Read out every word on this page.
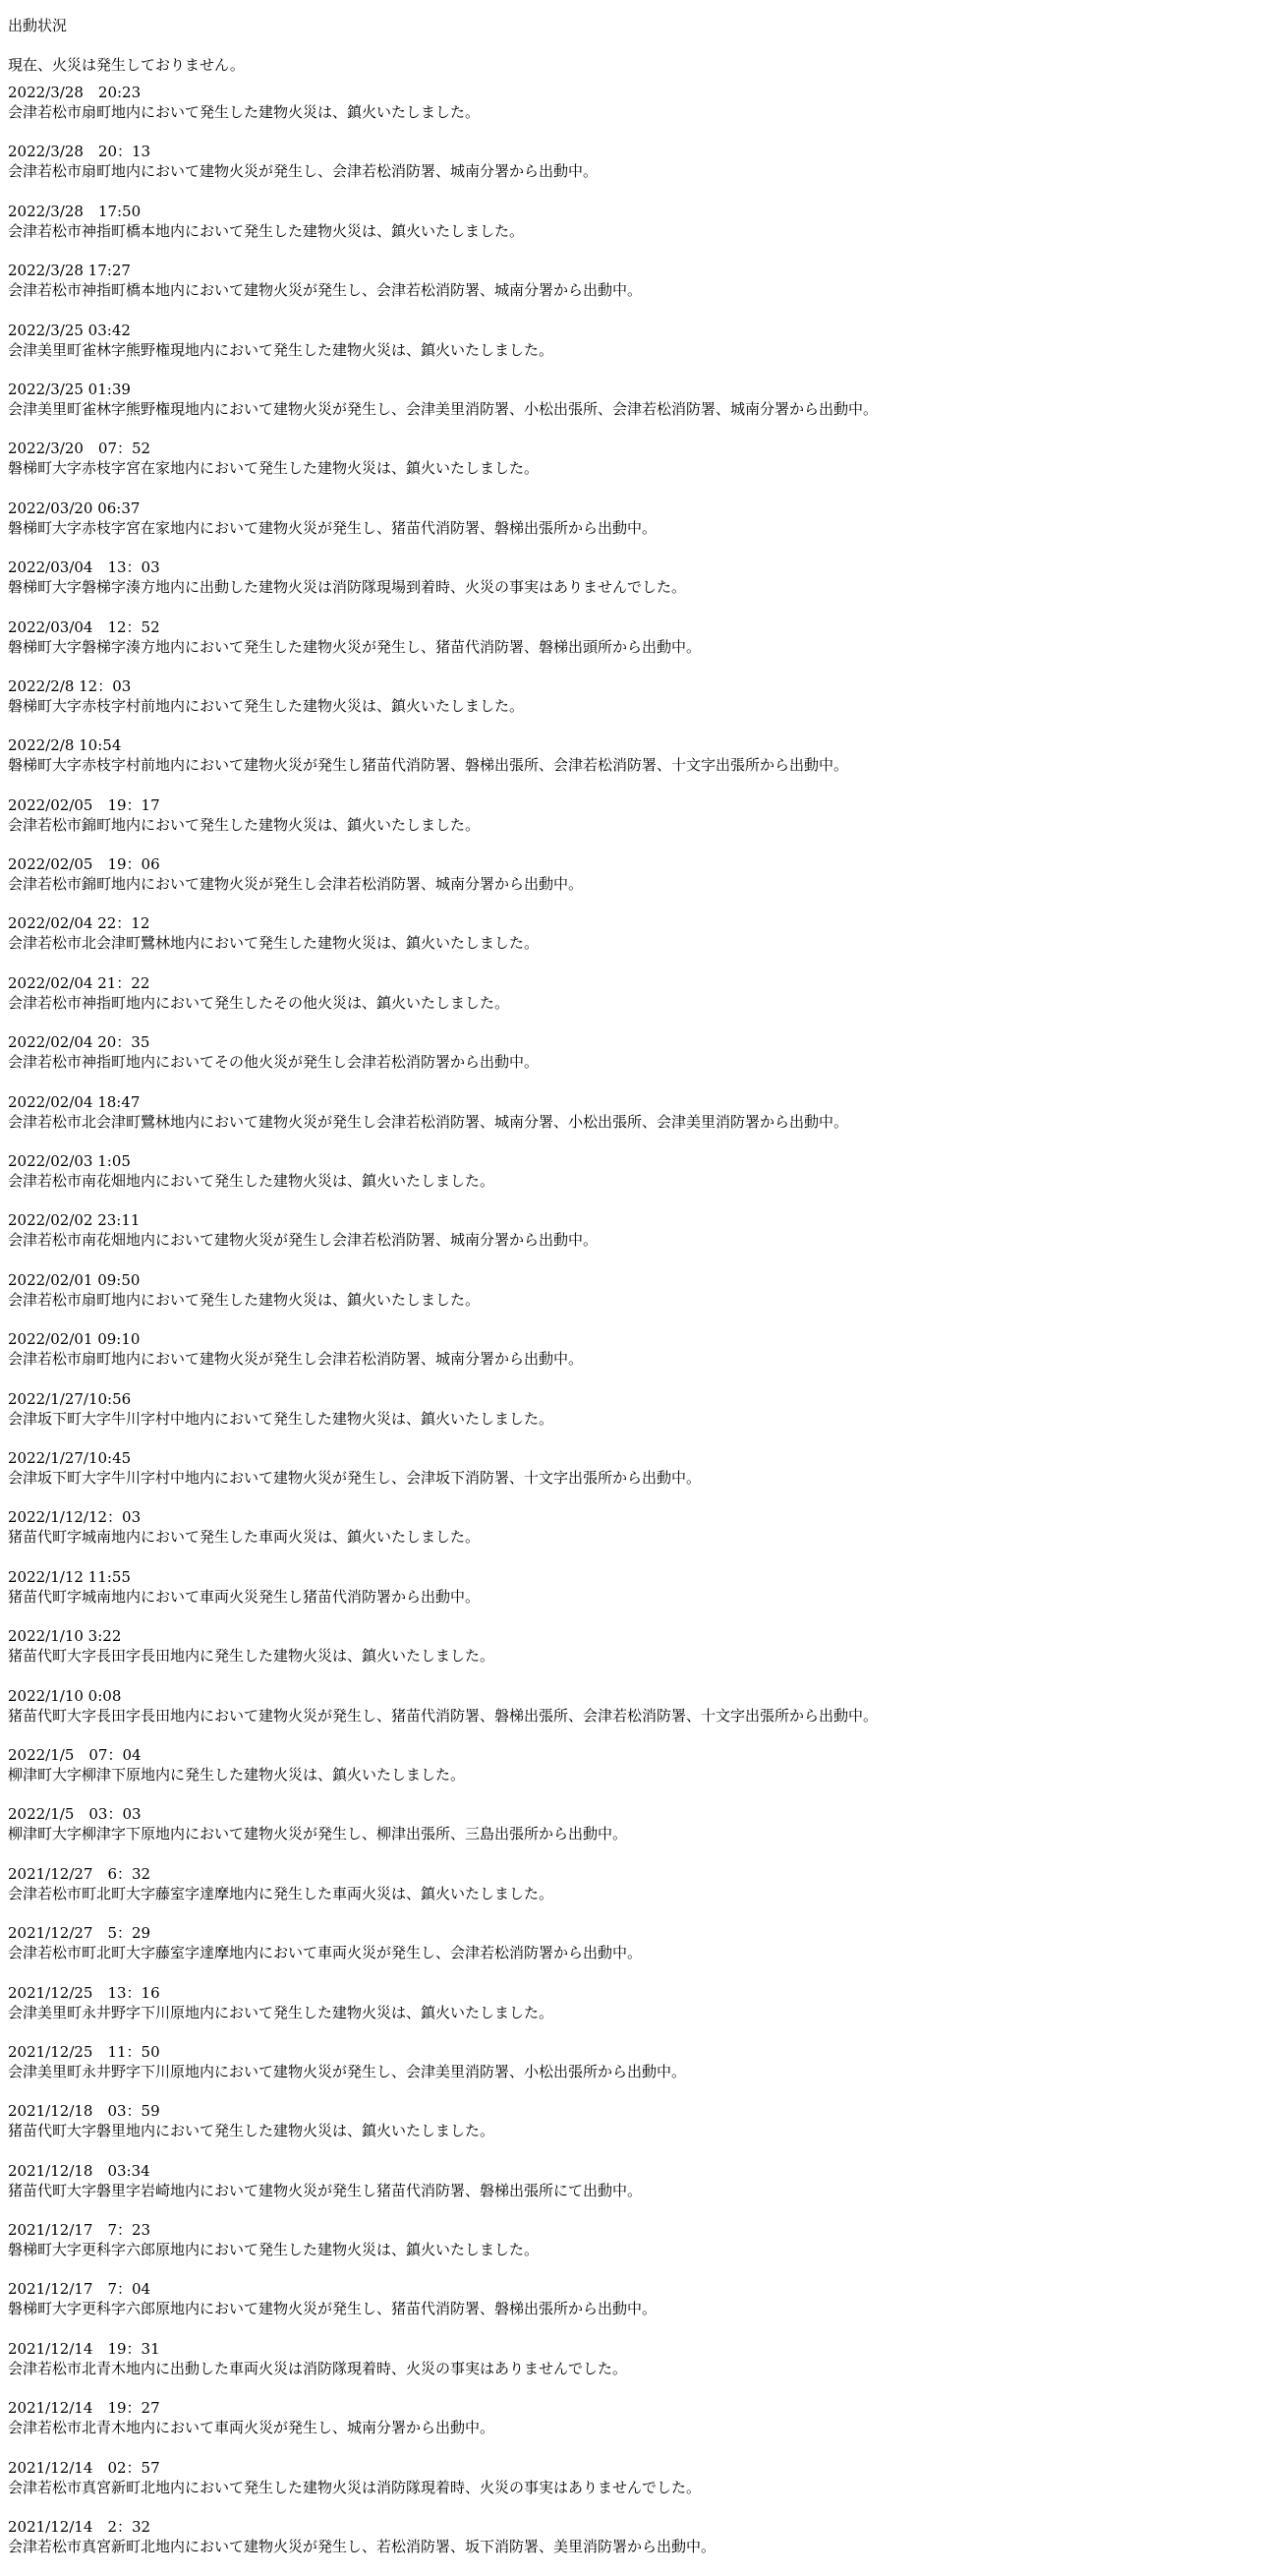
出動状況

現在、火災は発生しておりません。

2022/3/28　20:23
会津若松市扇町地内において発生した建物火災は、鎮火いたしました。
2022/3/28　20：13
会津若松市扇町地内において建物火災が発生し、会津若松消防署、城南分署から出動中。
2022/3/28　17:50
会津若松市神指町橋本地内において発生した建物火災は、鎮火いたしました。
2022/3/28 17:27
会津若松市神指町橋本地内において建物火災が発生し、会津若松消防署、城南分署から出動中。
2022/3/25 03:42
会津美里町雀林字熊野権現地内において発生した建物火災は、鎮火いたしました。
2022/3/25 01:39
会津美里町雀林字熊野権現地内において建物火災が発生し、会津美里消防署、小松出張所、会津若松消防署、城南分署から出動中。
2022/3/20　07：52
磐梯町大字赤枝字宮在家地内において発生した建物火災は、鎮火いたしました。
2022/03/20 06:37
磐梯町大字赤枝字宮在家地内において建物火災が発生し、猪苗代消防署、磐梯出張所から出動中。
2022/03/04　13：03
磐梯町大字磐梯字湊方地内に出動した建物火災は消防隊現場到着時、火災の事実はありませんでした。
2022/03/04　12：52
磐梯町大字磐梯字湊方地内において発生した建物火災が発生し、猪苗代消防署、磐梯出頭所から出動中。
2022/2/8 12：03
磐梯町大字赤枝字村前地内において発生した建物火災は、鎮火いたしました。
2022/2/8 10:54
磐梯町大字赤枝字村前地内において建物火災が発生し猪苗代消防署、磐梯出張所、会津若松消防署、十文字出張所から出動中。
2022/02/05　19：17
会津若松市錦町地内において発生した建物火災は、鎮火いたしました。
2022/02/05　19：06
会津若松市錦町地内において建物火災が発生し会津若松消防署、城南分署から出動中。
2022/02/04 22：12
会津若松市北会津町鷺林地内において発生した建物火災は、鎮火いたしました。
2022/02/04 21：22
会津若松市神指町地内において発生したその他火災は、鎮火いたしました。
2022/02/04 20：35
会津若松市神指町地内においてその他火災が発生し会津若松消防署から出動中。
2022/02/04 18:47
会津若松市北会津町鷺林地内において建物火災が発生し会津若松消防署、城南分署、小松出張所、会津美里消防署から出動中。
2022/02/03 1:05
会津若松市南花畑地内において発生した建物火災は、鎮火いたしました。
2022/02/02 23:11
会津若松市南花畑地内において建物火災が発生し会津若松消防署、城南分署から出動中。
2022/02/01 09:50
会津若松市扇町地内において発生した建物火災は、鎮火いたしました。
2022/02/01 09:10
会津若松市扇町地内において建物火災が発生し会津若松消防署、城南分署から出動中。
2022/1/27/10:56
会津坂下町大字牛川字村中地内において発生した建物火災は、鎮火いたしました。
2022/1/27/10:45
会津坂下町大字牛川字村中地内において建物火災が発生し、会津坂下消防署、十文字出張所から出動中。
2022/1/12/12：03
猪苗代町字城南地内において発生した車両火災は、鎮火いたしました。
2022/1/12 11:55
猪苗代町字城南地内において車両火災発生し猪苗代消防署から出動中。
2022/1/10 3:22
猪苗代町大字長田字長田地内に発生した建物火災は、鎮火いたしました。
2022/1/10 0:08
猪苗代町大字長田字長田地内において建物火災が発生し、猪苗代消防署、磐梯出張所、会津若松消防署、十文字出張所から出動中。
2022/1/5　07：04
柳津町大字柳津下原地内に発生した建物火災は、鎮火いたしました。
2022/1/5　03：03
柳津町大字柳津字下原地内において建物火災が発生し、柳津出張所、三島出張所から出動中。
2021/12/27　6：32
会津若松市町北町大字藤室字達摩地内に発生した車両火災は、鎮火いたしました。
2021/12/27　5：29
会津若松市町北町大字藤室字達摩地内において車両火災が発生し、会津若松消防署から出動中。
2021/12/25　13：16
会津美里町永井野字下川原地内において発生した建物火災は、鎮火いたしました。
2021/12/25　11：50
会津美里町永井野字下川原地内において建物火災が発生し、会津美里消防署、小松出張所から出動中。
2021/12/18　03：59
猪苗代町大字磐里地内において発生した建物火災は、鎮火いたしました。
2021/12/18　03:34
猪苗代町大字磐里字岩崎地内において建物火災が発生し猪苗代消防署、磐梯出張所にて出動中。
2021/12/17　7：23
磐梯町大字更科字六郎原地内において発生した建物火災は、鎮火いたしました。
2021/12/17　7：04
磐梯町大字更科字六郎原地内において建物火災が発生し、猪苗代消防署、磐梯出張所から出動中。
2021/12/14　19：31
会津若松市北青木地内に出動した車両火災は消防隊現着時、火災の事実はありませんでした。
2021/12/14　19：27
会津若松市北青木地内において車両火災が発生し、城南分署から出動中。
2021/12/14　02：57
会津若松市真宮新町北地内において発生した建物火災は消防隊現着時、火災の事実はありませんでした。
2021/12/14　2：32
会津若松市真宮新町北地内において建物火災が発生し、若松消防署、坂下消防署、美里消防署から出動中。
